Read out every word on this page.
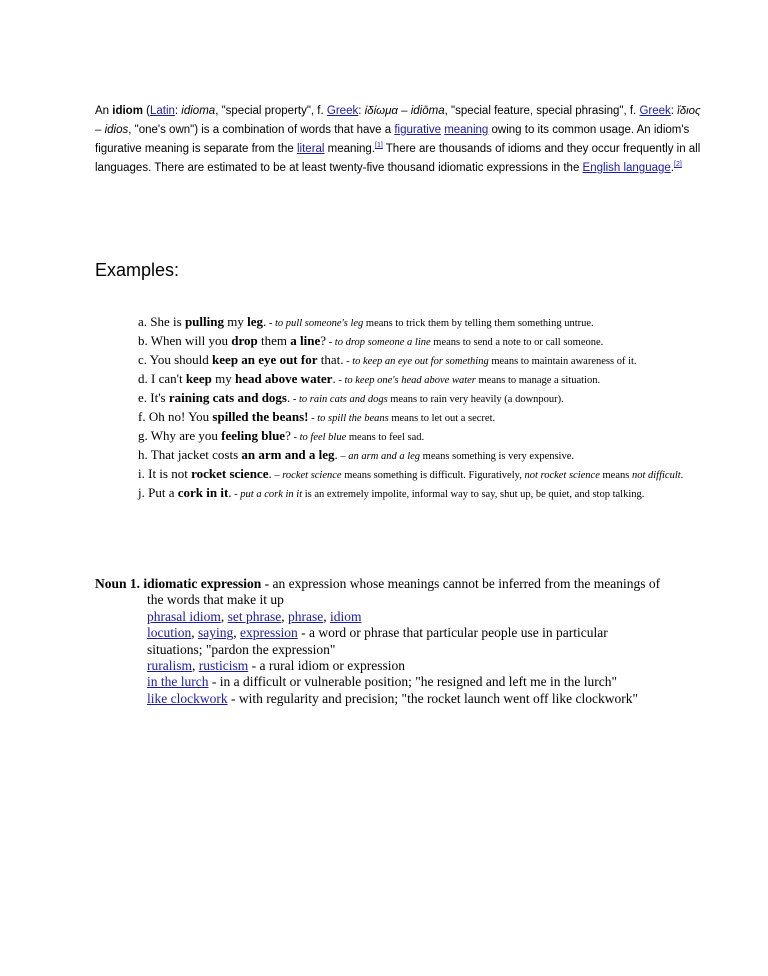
An idiom (Latin: idioma, "special property", f. Greek: ἰδίωμα – idiōma, "special feature, special phrasing", f. Greek: ἴδιος – idios, "one's own") is a combination of words that have a figurative meaning owing to its common usage. An idiom's figurative meaning is separate from the literal meaning.[1] There are thousands of idioms and they occur frequently in all languages. There are estimated to be at least twenty-five thousand idiomatic expressions in the English language.[2]
Examples:
a. She is pulling my leg. - to pull someone's leg means to trick them by telling them something untrue.
b. When will you drop them a line? - to drop someone a line means to send a note to or call someone.
c. You should keep an eye out for that. - to keep an eye out for something means to maintain awareness of it.
d. I can't keep my head above water. - to keep one's head above water means to manage a situation.
e. It's raining cats and dogs. - to rain cats and dogs means to rain very heavily (a downpour).
f. Oh no! You spilled the beans! - to spill the beans means to let out a secret.
g. Why are you feeling blue? - to feel blue means to feel sad.
h. That jacket costs an arm and a leg. – an arm and a leg means something is very expensive.
i. It is not rocket science. – rocket science means something is difficult. Figuratively, not rocket science means not difficult.
j. Put a cork in it. - put a cork in it is an extremely impolite, informal way to say, shut up, be quiet, and stop talking.
Noun 1. idiomatic expression - an expression whose meanings cannot be inferred from the meanings of
the words that make it up
phrasal idiom, set phrase, phrase, idiom
locution, saying, expression - a word or phrase that particular people use in particular
situations; "pardon the expression"
ruralism, rusticism - a rural idiom or expression
in the lurch - in a difficult or vulnerable position; "he resigned and left me in the lurch"
like clockwork - with regularity and precision; "the rocket launch went off like clockwork"
